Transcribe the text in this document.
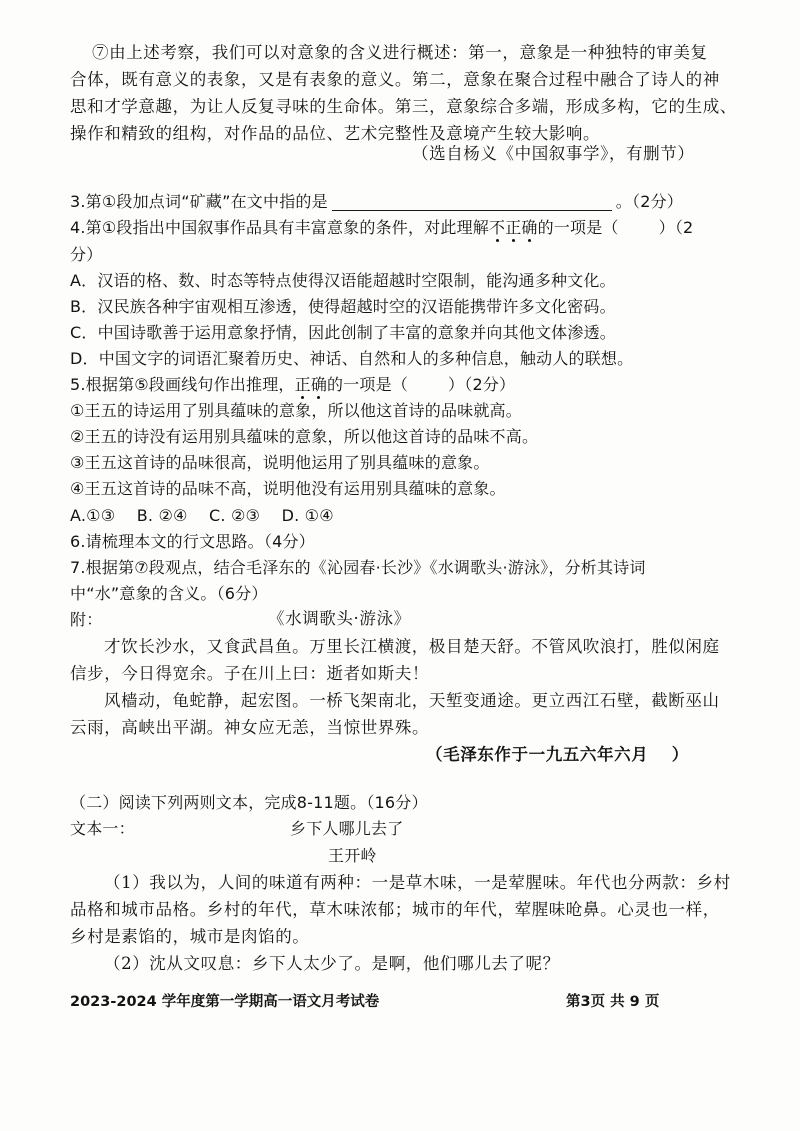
⑦由上述考察，我们可以对意象的含义进行概述：第一，意象是一种独特的审美复
合体，既有意义的表象，又是有表象的意义。第二，意象在聚合过程中融合了诗人的神
思和才学意趣，为让人反复寻味的生命体。第三，意象综合多端，形成多构，它的生成、
操作和精致的组构，对作品的品位、艺术完整性及意境产生较大影响。
（选自杨义《中国叙事学》，有删节）
3.第①段加点词“矿藏”在文中指的是	。（2分）
4.第①段指出中国叙事作品具有丰富意象的条件，对此理解不正确的一项是（	）（2
分）
A．汉语的格、数、时态等特点使得汉语能超越时空限制，能沟通多种文化。
B．汉民族各种宇宙观相互渗透，使得超越时空的汉语能携带许多文化密码。
C．中国诗歌善于运用意象抒情，因此创制了丰富的意象并向其他文体渗透。
D．中国文字的词语汇聚着历史、神话、自然和人的多种信息，触动人的联想。
5.根据第⑤段画线句作出推理，正确的一项是（	）（2分）
①王五的诗运用了别具蕴味的意象，所以他这首诗的品味就高。
②王五的诗没有运用别具蕴味的意象，所以他这首诗的品味不高。
③王五这首诗的品味很高，说明他运用了别具蕴味的意象。
④王五这首诗的品味不高，说明他没有运用别具蕴味的意象。
A.①③　 B. ②④　 C. ②③　 D. ①④
6.请梳理本文的行文思路。（4分）
7.根据第⑦段观点，结合毛泽东的《沁园春·长沙》《水调歌头·游泳》，分析其诗词
中“水”意象的含义。（6分）
附：	《水调歌头·游泳》
才饮长沙水，又食武昌鱼。万里长江横渡，极目楚天舒。不管风吹浪打，胜似闲庭
信步，今日得宽余。子在川上曰：逝者如斯夫！
风樯动，龟蛇静，起宏图。一桥飞架南北，天堑变通途。更立西江石壁，截断巫山
云雨，高峡出平湖。神女应无恙，当惊世界殊。
（毛泽东作于一九五六年六月　 ）
（二）阅读下列两则文本，完成8-11题。（16分）
文本一：	乡下人哪儿去了
王开岭
（1）我以为，人间的味道有两种：一是草木味，一是荤腥味。年代也分两款：乡村
品格和城市品格。乡村的年代，草木味浓郁；城市的年代，荤腥味呛鼻。心灵也一样，
乡村是素馅的，城市是肉馅的。
（2）沈从文叹息：乡下人太少了。是啊，他们哪儿去了呢？
2023-2024 学年度第一学期高一语文月考试卷	第3页 共 9 页
